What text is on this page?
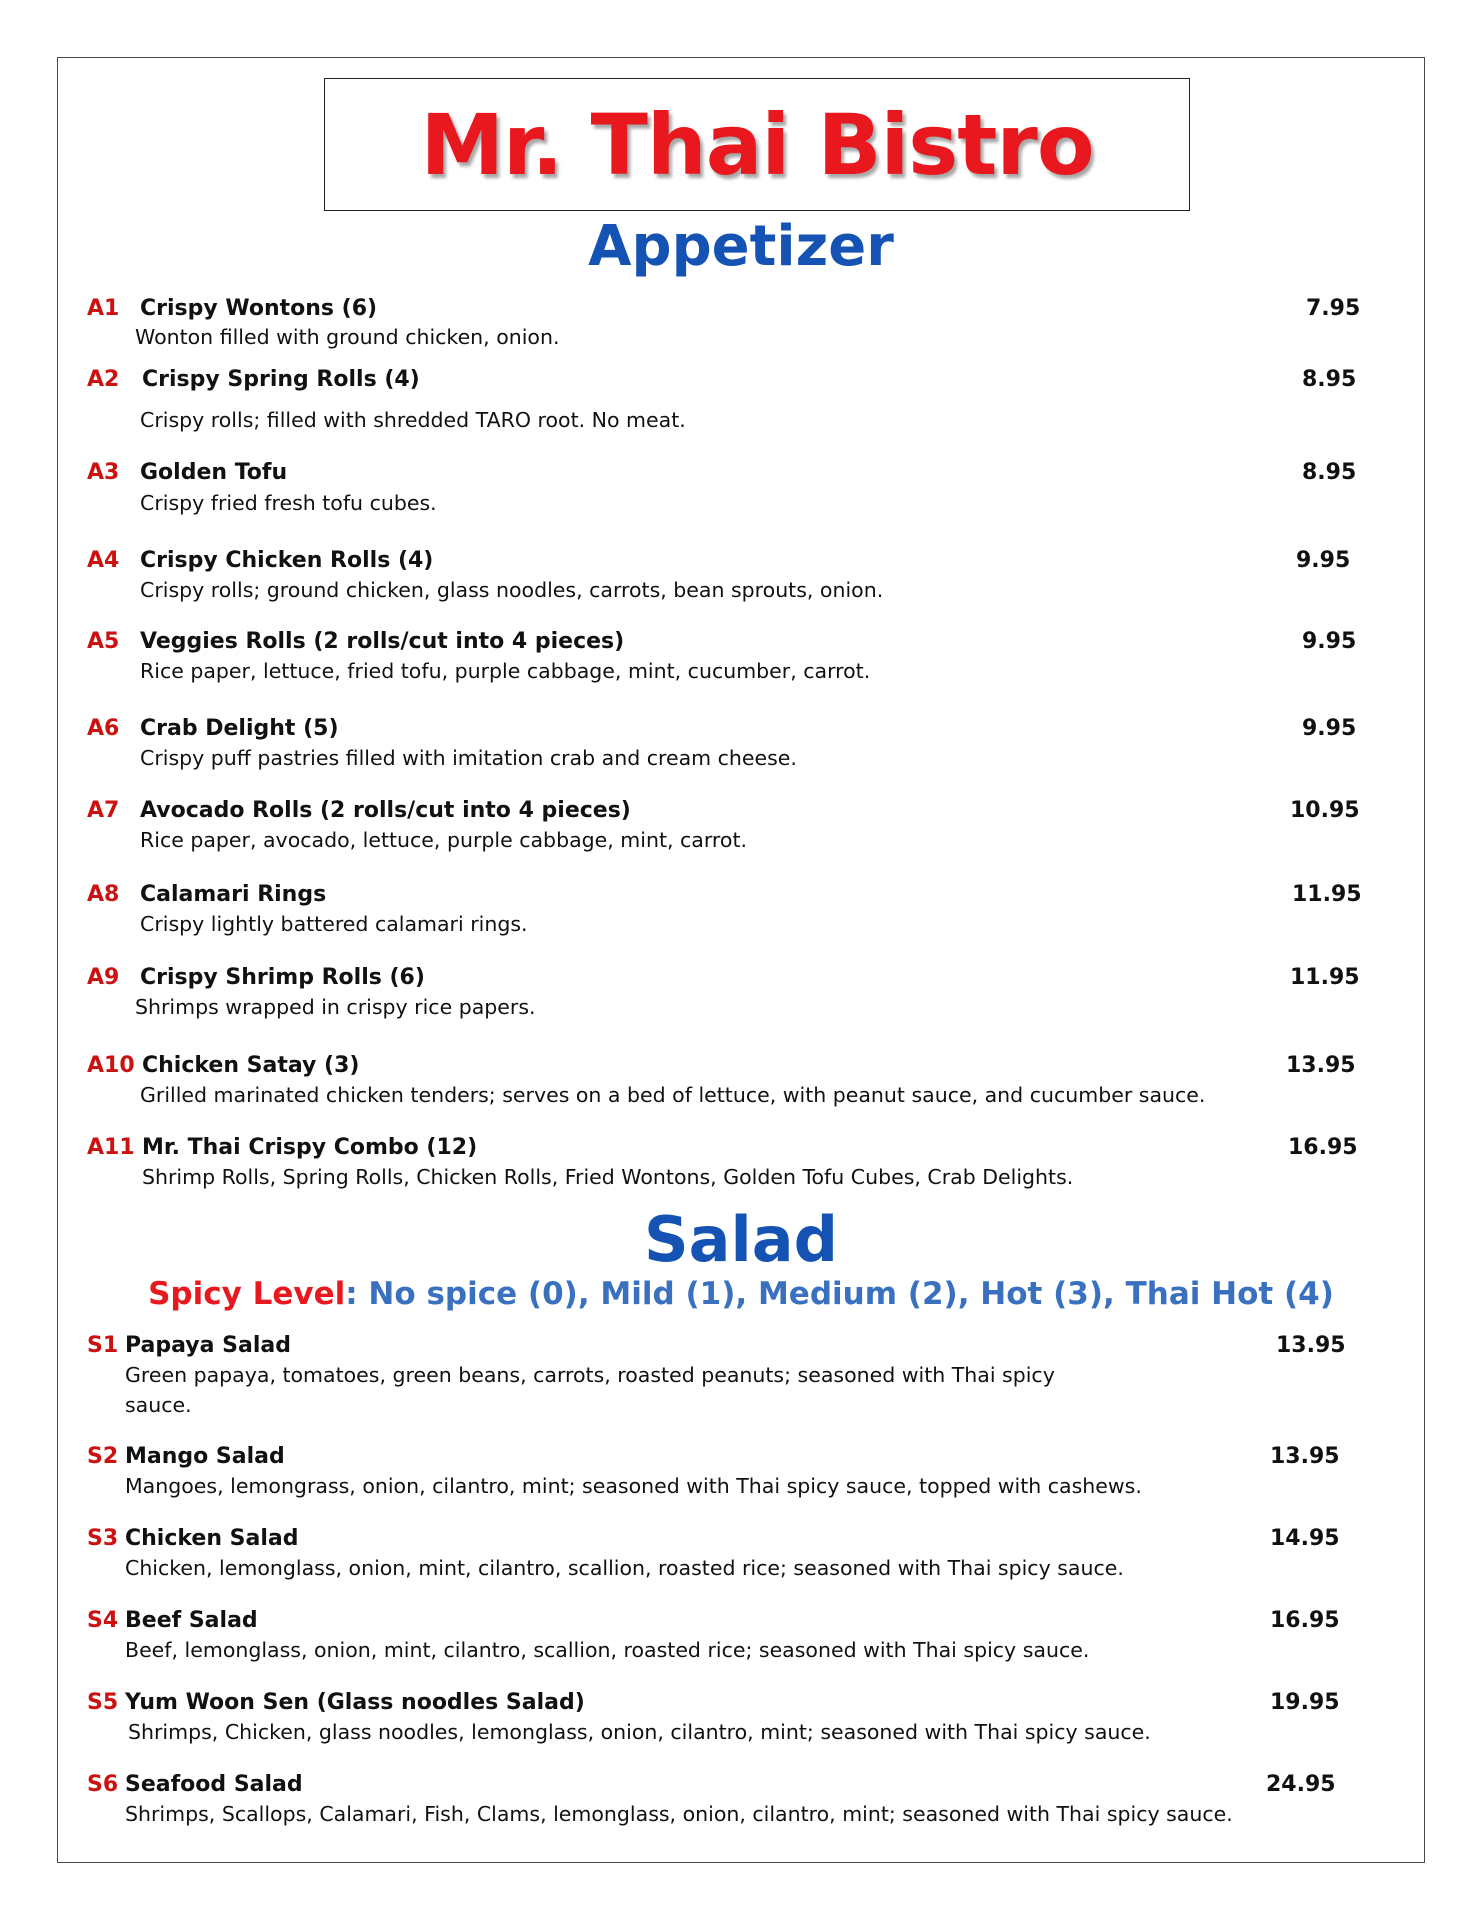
Mr. Thai Bistro
Appetizer
A1 Crispy Wontons (6)	7.95
Wonton filled with ground chicken, onion.
A2 Crispy Spring Rolls (4)	8.95
Crispy rolls; filled with shredded TARO root. No meat.
A3 Golden Tofu	8.95
Crispy fried fresh tofu cubes.
A4 Crispy Chicken Rolls (4)	9.95
Crispy rolls; ground chicken, glass noodles, carrots, bean sprouts, onion.
A5 Veggies Rolls (2 rolls/cut into 4 pieces)	9.95
Rice paper, lettuce, fried tofu, purple cabbage, mint, cucumber, carrot.
A6 Crab Delight (5)	9.95
Crispy puff pastries filled with imitation crab and cream cheese.
A7 Avocado Rolls (2 rolls/cut into 4 pieces)	10.95
Rice paper, avocado, lettuce, purple cabbage, mint, carrot.
A8 Calamari Rings	11.95
Crispy lightly battered calamari rings.
A9 Crispy Shrimp Rolls (6)	11.95
Shrimps wrapped in crispy rice papers.
A10 Chicken Satay (3)	13.95
Grilled marinated chicken tenders; serves on a bed of lettuce, with peanut sauce, and cucumber sauce.
A11 Mr. Thai Crispy Combo (12)	16.95
Shrimp Rolls, Spring Rolls, Chicken Rolls, Fried Wontons, Golden Tofu Cubes, Crab Delights.
Salad
Spicy Level: No spice (0), Mild (1), Medium (2), Hot (3), Thai Hot (4)
S1 Papaya Salad	13.95
Green papaya, tomatoes, green beans, carrots, roasted peanuts; seasoned with Thai spicy sauce.
S2 Mango Salad	13.95
Mangoes, lemongrass, onion, cilantro, mint; seasoned with Thai spicy sauce, topped with cashews.
S3 Chicken Salad	14.95
Chicken, lemonglass, onion, mint, cilantro, scallion, roasted rice; seasoned with Thai spicy sauce.
S4 Beef Salad	16.95
Beef, lemonglass, onion, mint, cilantro, scallion, roasted rice; seasoned with Thai spicy sauce.
S5 Yum Woon Sen (Glass noodles Salad)	19.95
Shrimps, Chicken, glass noodles, lemonglass, onion, cilantro, mint; seasoned with Thai spicy sauce.
S6 Seafood Salad	24.95
Shrimps, Scallops, Calamari, Fish, Clams, lemonglass, onion, cilantro, mint; seasoned with Thai spicy sauce.
